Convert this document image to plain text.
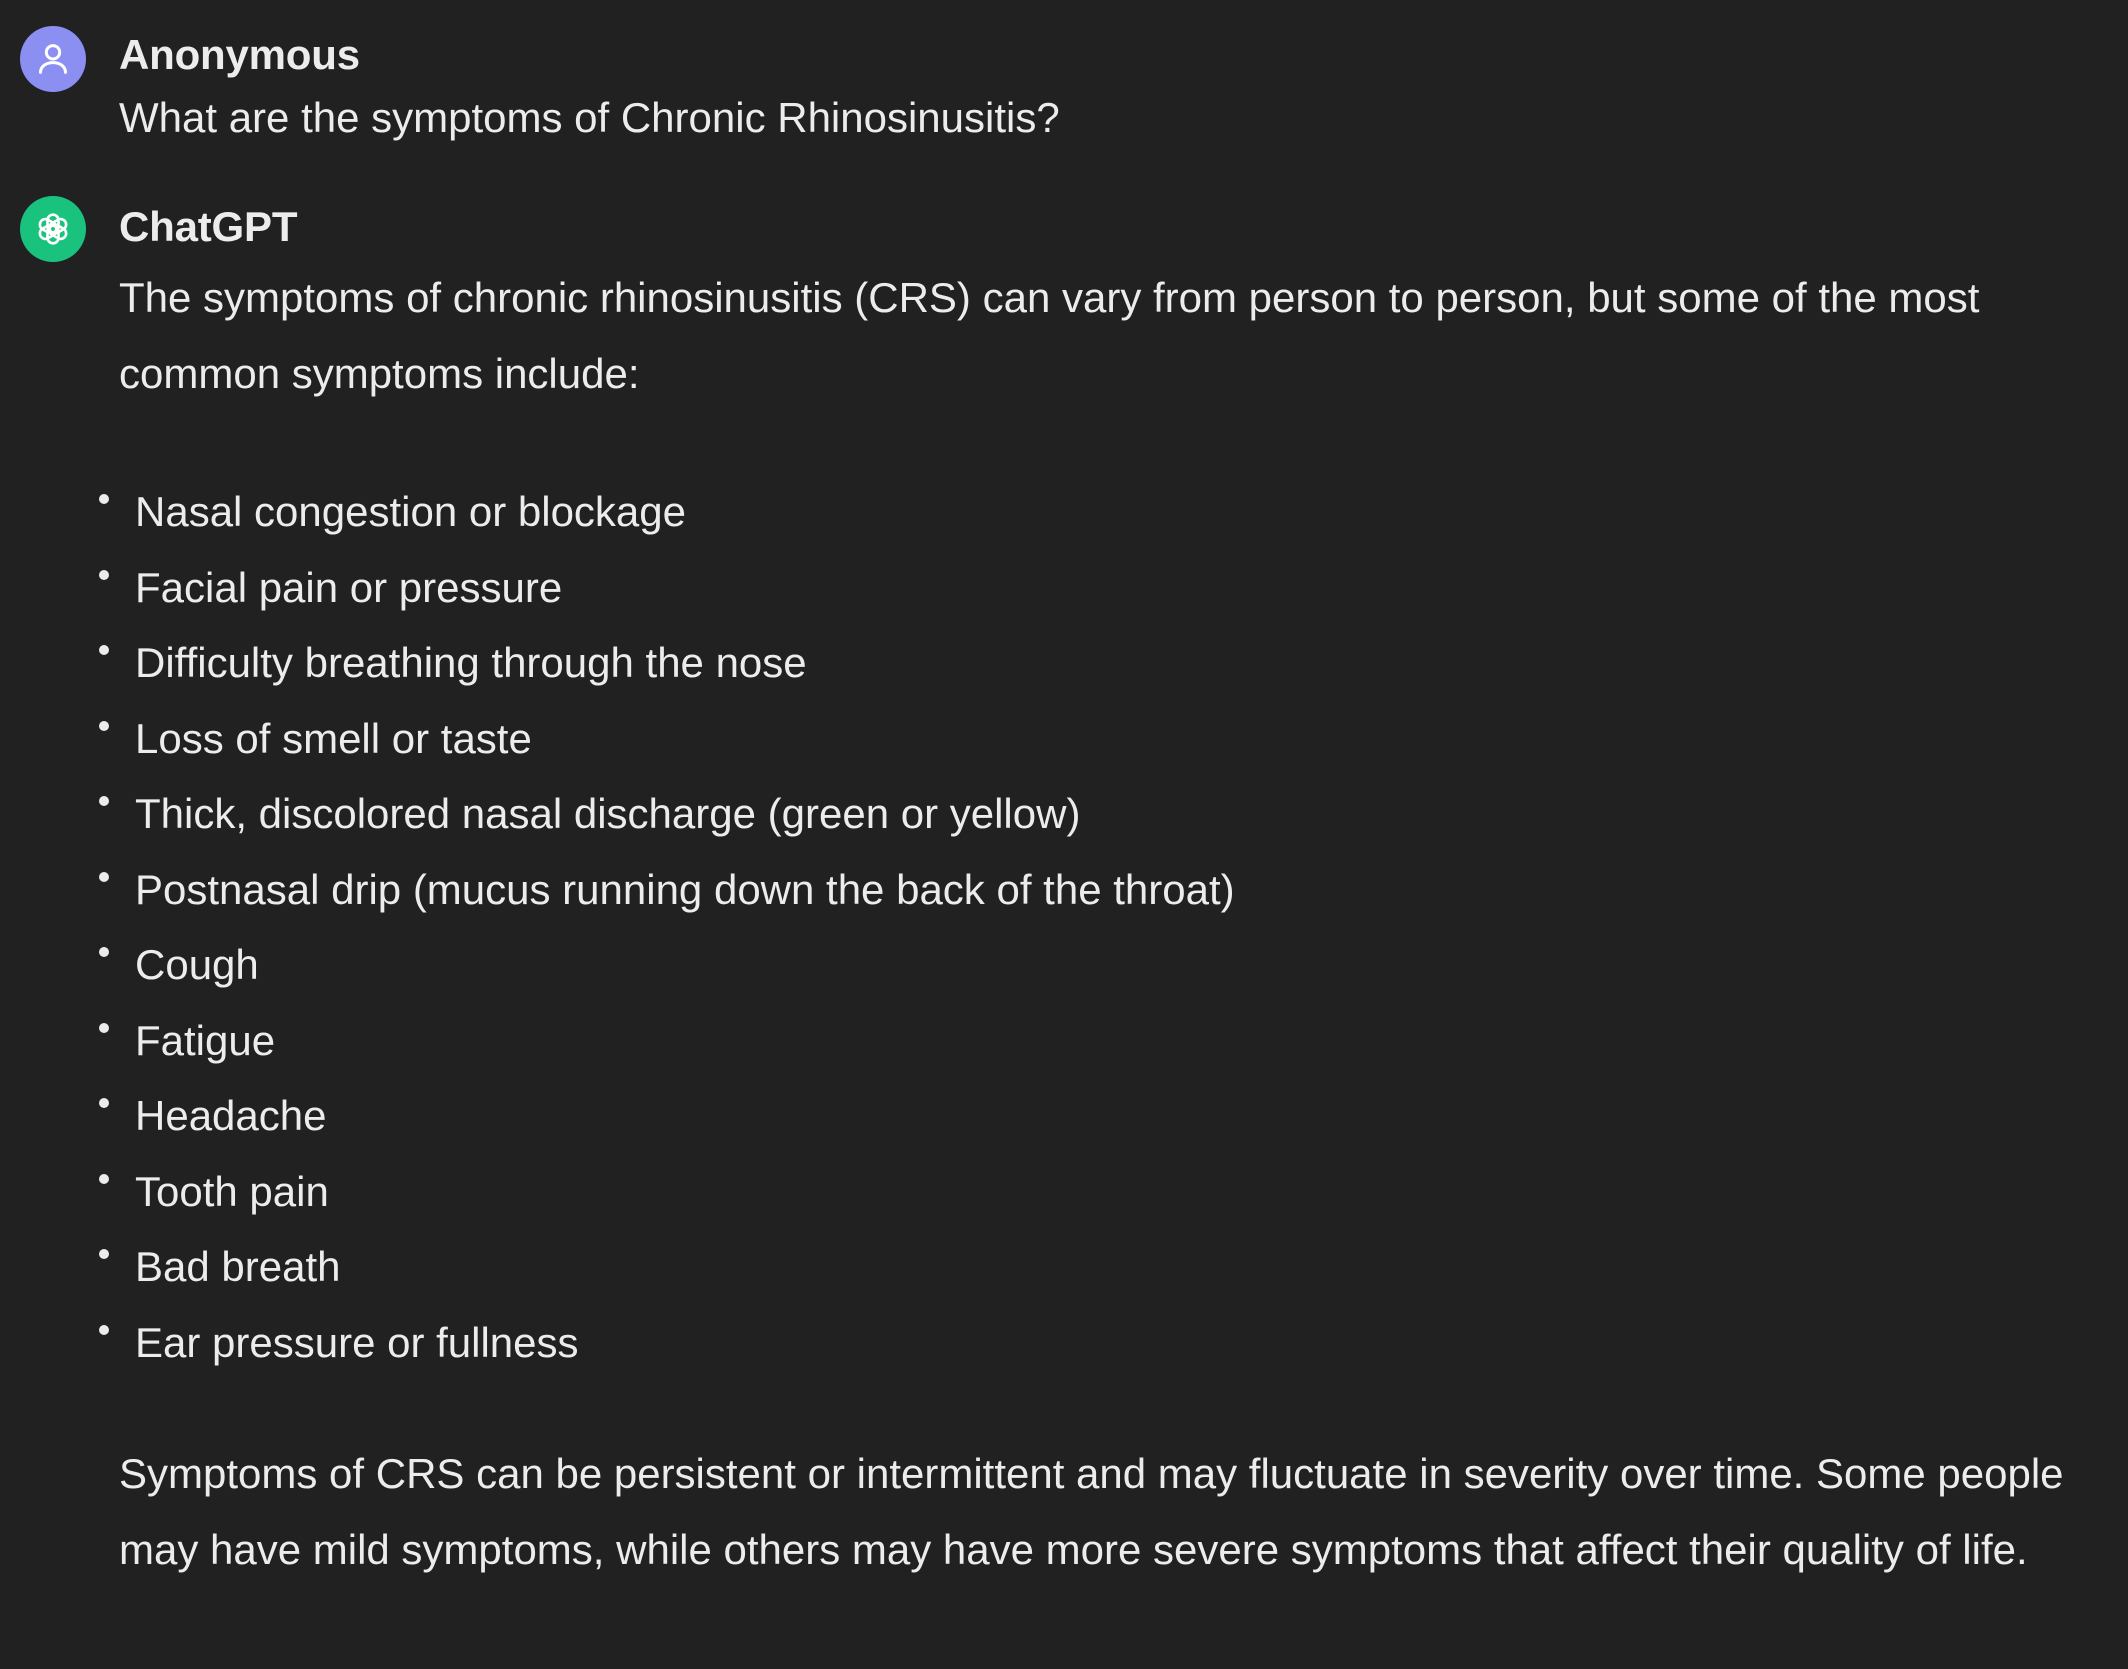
Anonymous
What are the symptoms of Chronic Rhinosinusitis?
ChatGPT
The symptoms of chronic rhinosinusitis (CRS) can vary from person to person, but some of the most common symptoms include:
Nasal congestion or blockage
Facial pain or pressure
Difficulty breathing through the nose
Loss of smell or taste
Thick, discolored nasal discharge (green or yellow)
Postnasal drip (mucus running down the back of the throat)
Cough
Fatigue
Headache
Tooth pain
Bad breath
Ear pressure or fullness
Symptoms of CRS can be persistent or intermittent and may fluctuate in severity over time. Some people may have mild symptoms, while others may have more severe symptoms that affect their quality of life.
